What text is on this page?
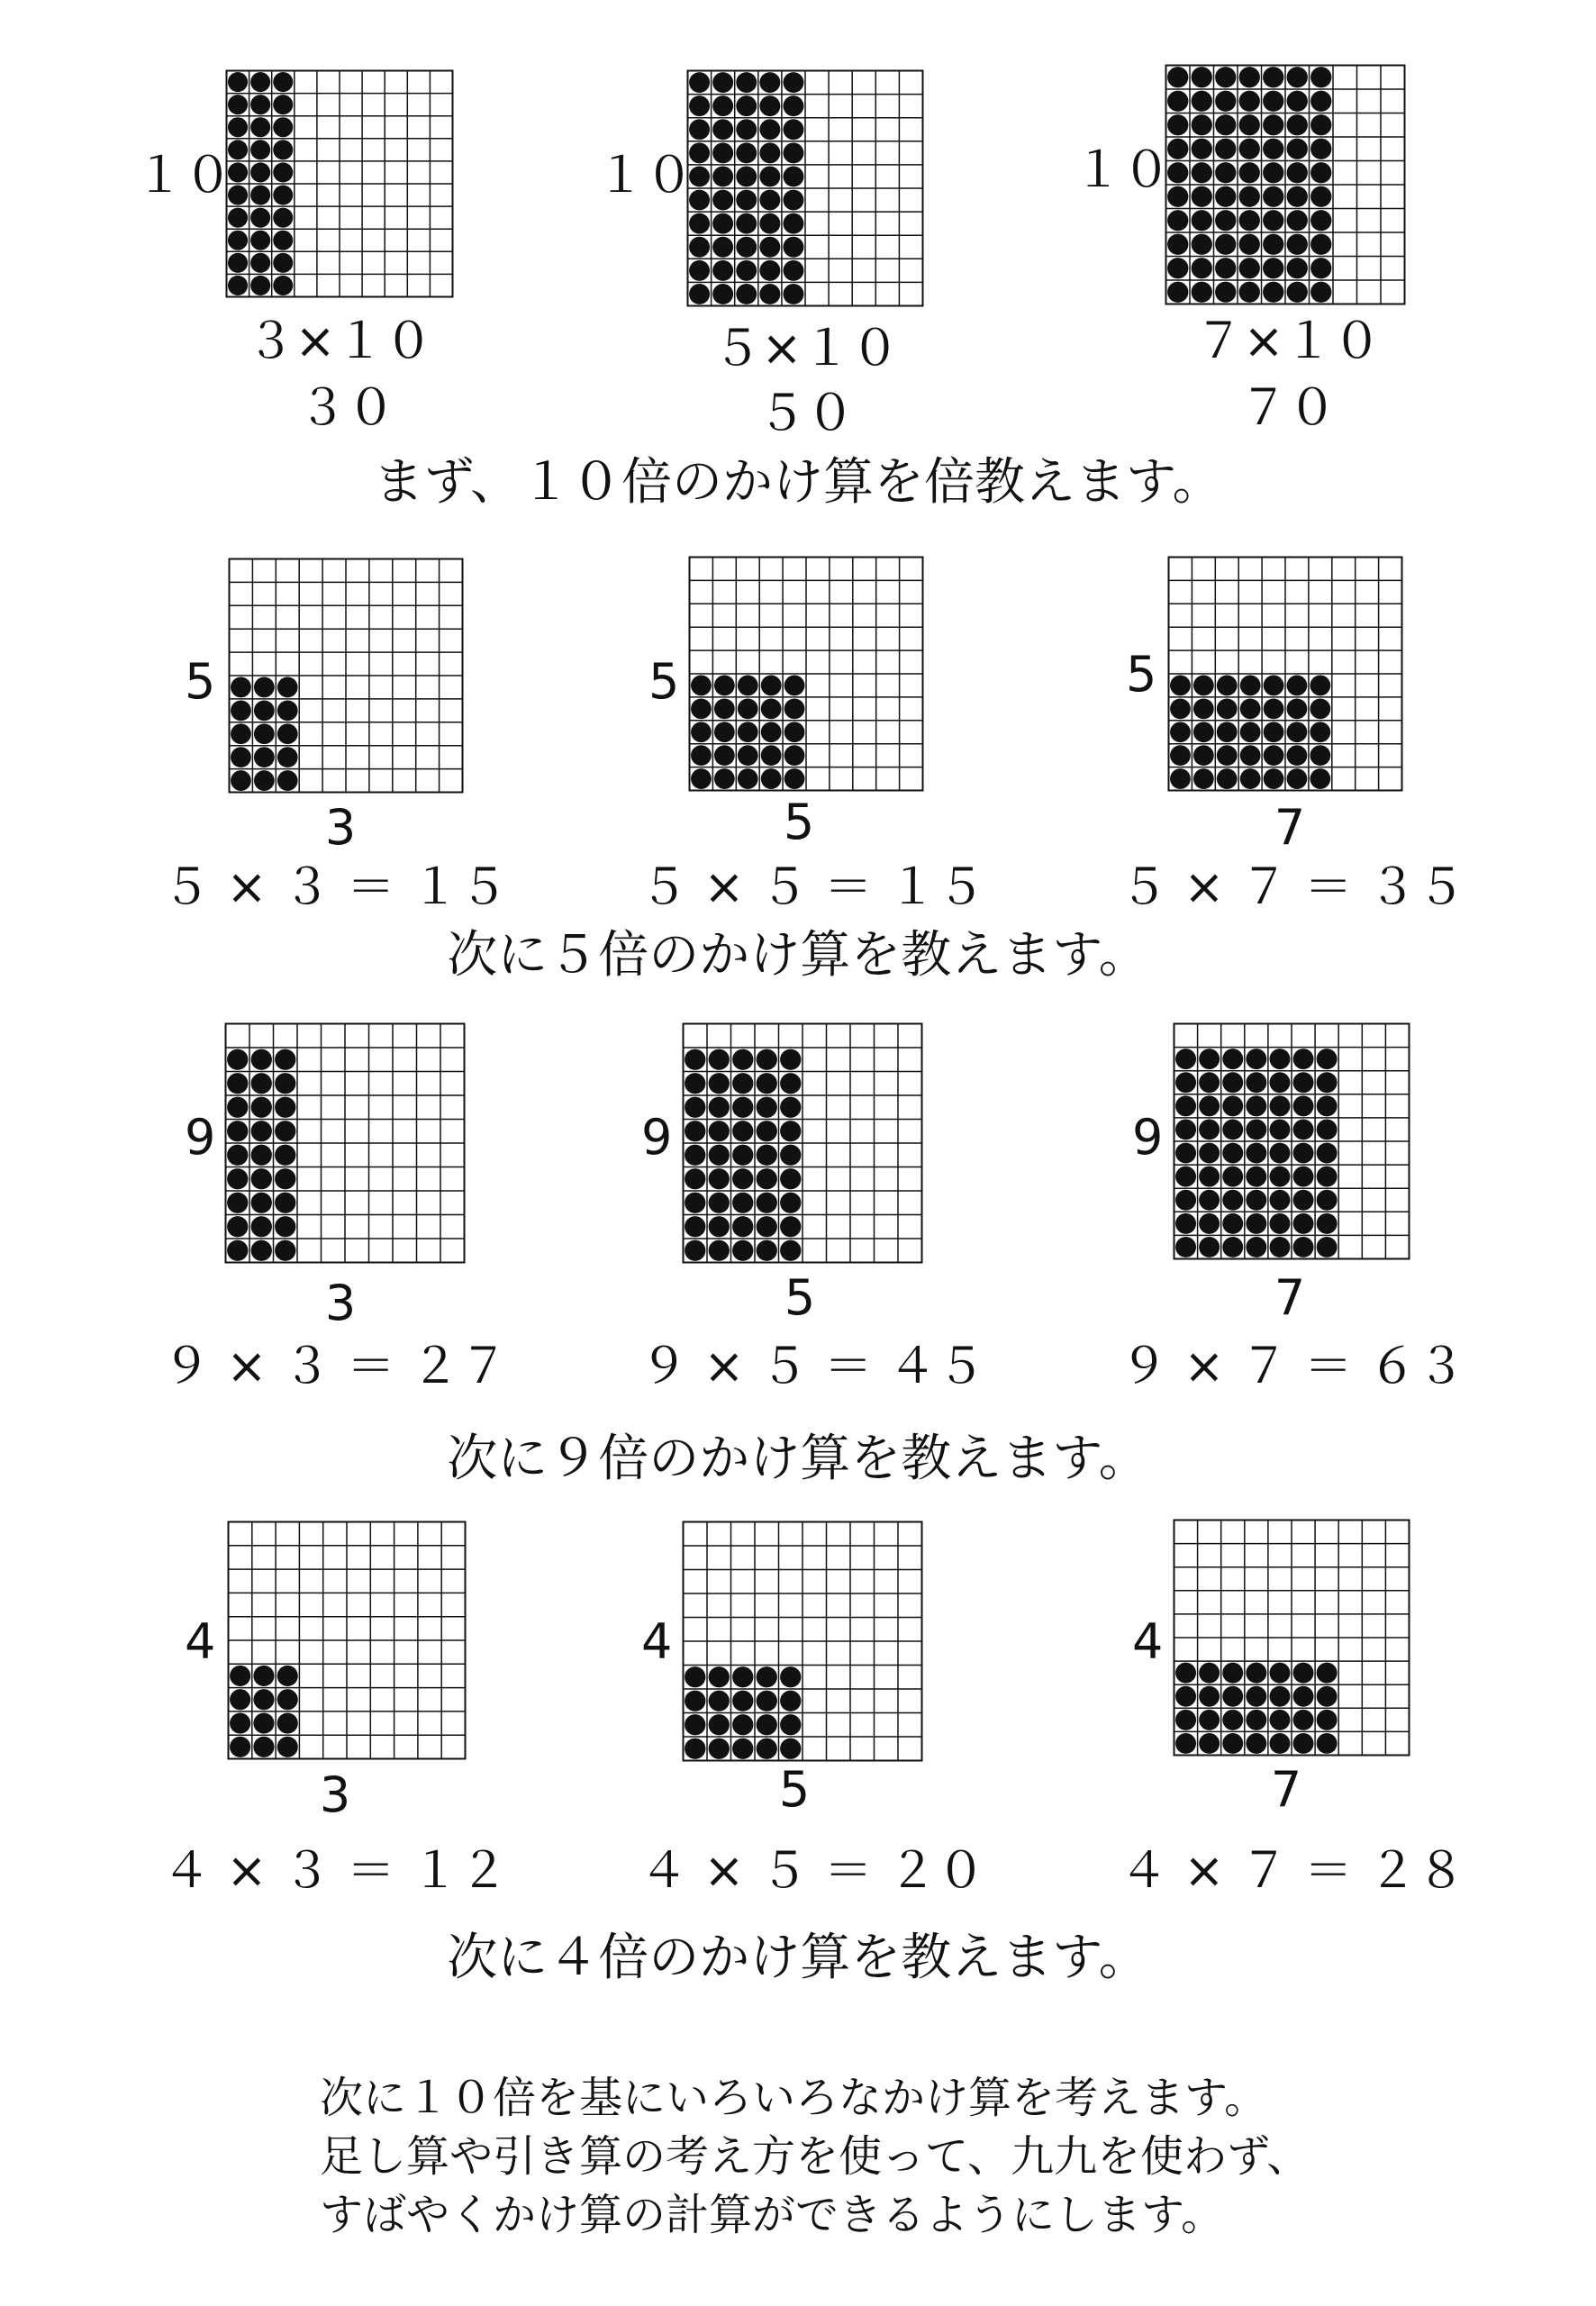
１０	１０	１０
３×１０	５×１０	７×１０
３０	５０	７０
まず、１０倍のかけ算を倍教えます。
5	5	5
3	5	7
５ × ３ ＝ １５	５ × ５ ＝ １５	５ × ７ ＝ ３５
次に５倍のかけ算を教えます。
9	9	9
3	5	7
９ × ３ ＝ ２７	９ × ５ ＝ ４５	９ × ７ ＝ ６３
次に９倍のかけ算を教えます。
4	4	4
3	5	7
４ × ３ ＝ １２	４ × ５ ＝ ２０	４ × ７ ＝ ２８
次に４倍のかけ算を教えます。
次に１０倍を基にいろいろなかけ算を考えます。
足し算や引き算の考え方を使って、九九を使わず、
すばやくかけ算の計算ができるようにします。
